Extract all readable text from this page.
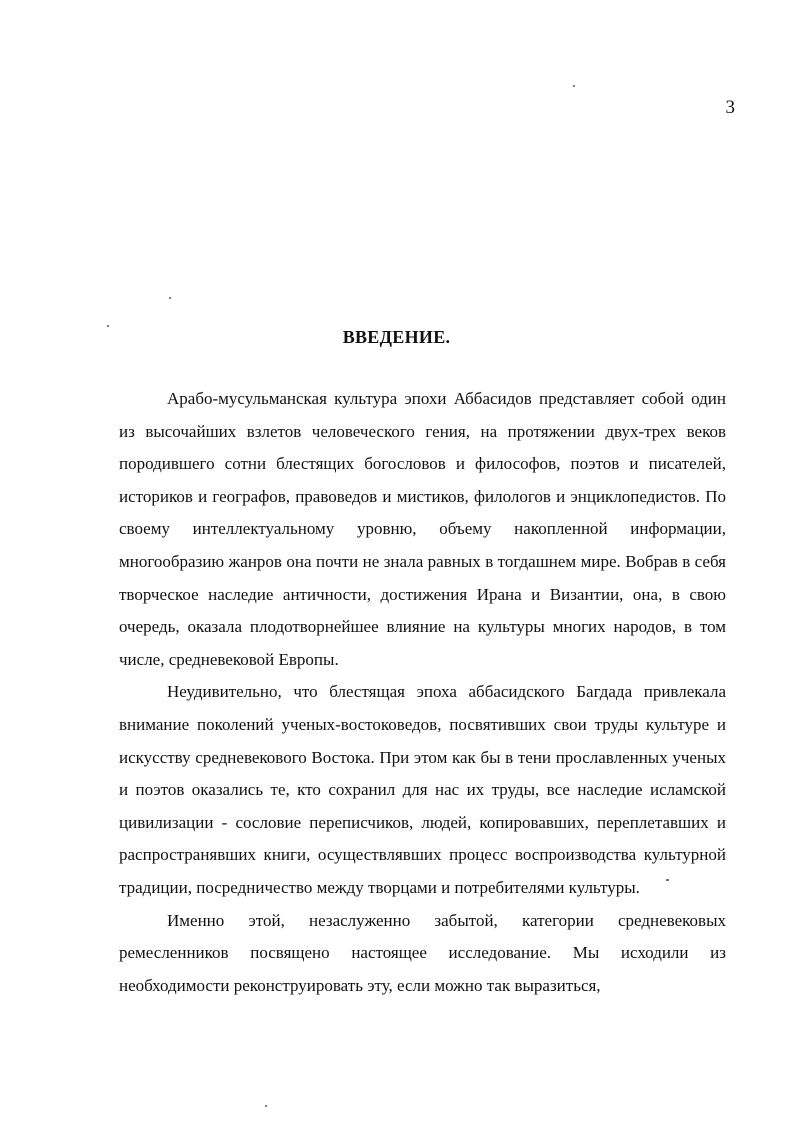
3
ВВЕДЕНИЕ.

Арабо-мусульманская культура эпохи Аббасидов представляет собой один из высочайших взлетов человеческого гения, на протяжении двух-трех веков породившего сотни блестящих богословов и философов, поэтов и писателей, историков и географов, правоведов и мистиков, филологов и энциклопедистов. По своему интеллектуальному уровню, объему накопленной информации, многообразию жанров она почти не знала равных в тогдашнем мире. Вобрав в себя творческое наследие античности, достижения Ирана и Византии, она, в свою очередь, оказала плодотворнейшее влияние на культуры многих народов, в том числе, средневековой Европы.

Неудивительно, что блестящая эпоха аббасидского Багдада привлекала внимание поколений ученых-востоковедов, посвятивших свои труды культуре и искусству средневекового Востока. При этом как бы в тени прославленных ученых и поэтов оказались те, кто сохранил для нас их труды, все наследие исламской цивилизации - сословие переписчиков, людей, копировавших, переплетавших и распространявших книги, осуществлявших процесс воспроизводства культурной традиции, посредничество между творцами и потребителями культуры.

Именно этой, незаслуженно забытой, категории средневековых ремесленников посвящено настоящее исследование. Мы исходили из необходимости реконструировать эту, если можно так выразиться,
